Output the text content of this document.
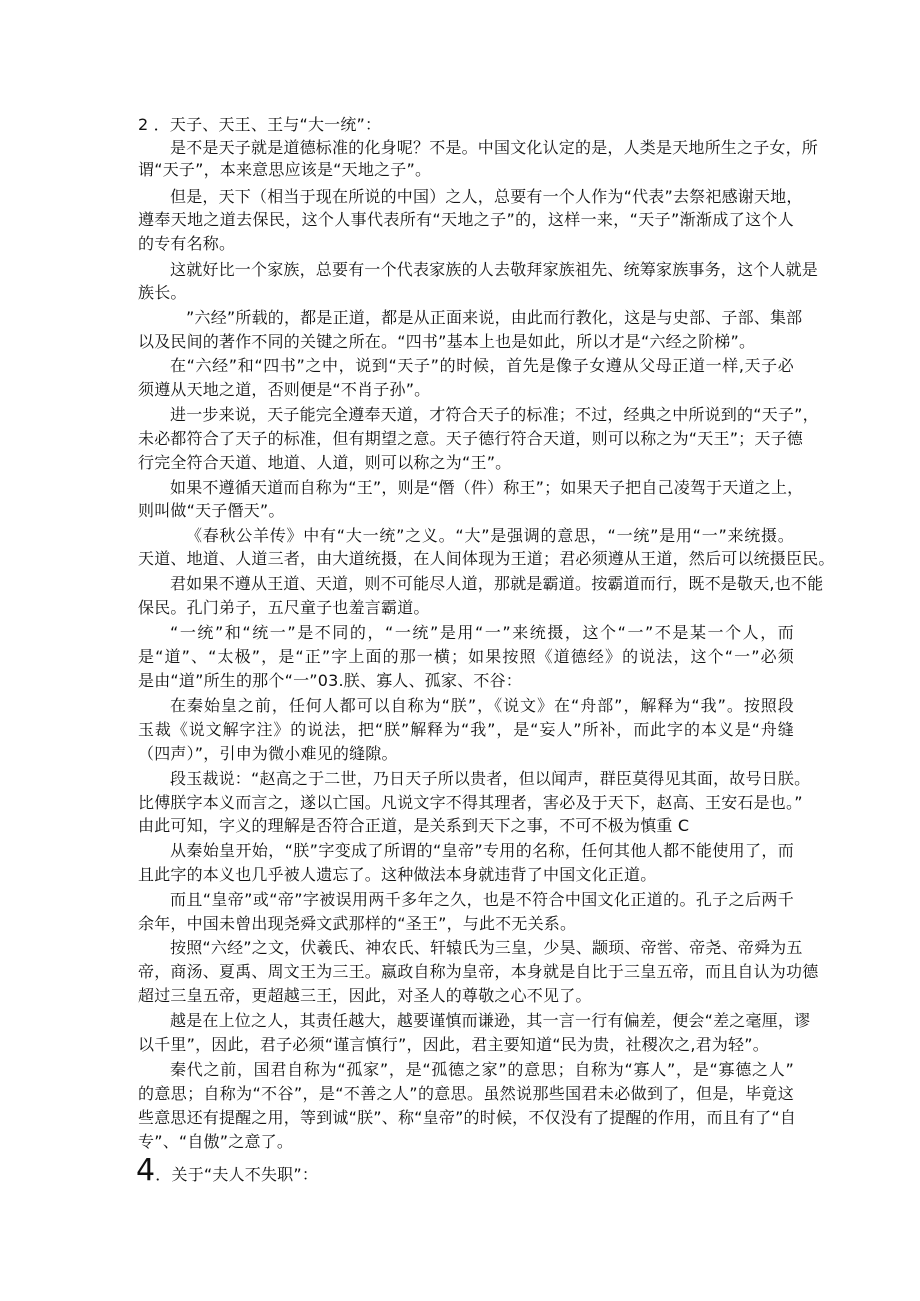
2 ．天子、天王、王与“大一统”：
是不是天子就是道德标准的化身呢？不是。中国文化认定的是，人类是天地所生之子女，所
谓“天子”，本来意思应该是“天地之子”。
但是，天下（相当于现在所说的中国）之人，总要有一个人作为“代表”去祭祀感谢天地，
遵奉天地之道去保民，这个人事代表所有“天地之子”的，这样一来，“天子”渐渐成了这个人
的专有名称。
这就好比一个家族，总要有一个代表家族的人去敬拜家族祖先、统筹家族事务，这个人就是
族长。
”六经”所载的，都是正道，都是从正面来说，由此而行教化，这是与史部、子部、集部
以及民间的著作不同的关键之所在。“四书”基本上也是如此，所以才是“六经之阶梯”。
在“六经”和“四书”之中，说到“天子”的时候，首先是像子女遵从父母正道一样,天子必
须遵从天地之道，否则便是“不肖子孙”。
进一步来说，天子能完全遵奉天道，才符合天子的标准；不过，经典之中所说到的“天子”，
未必都符合了天子的标准，但有期望之意。天子德行符合天道，则可以称之为“天王”；天子德
行完全符合天道、地道、人道，则可以称之为“王”。
如果不遵循天道而自称为“王”，则是“僭（件）称王”；如果天子把自己凌驾于天道之上，
则叫做“天子僭天”。
《春秋公羊传》中有“大一统”之义。“大”是强调的意思，“一统”是用“一”来统摄。
天道、地道、人道三者，由大道统摄，在人间体现为王道；君必须遵从王道，然后可以统摄臣民。
君如果不遵从王道、天道，则不可能尽人道，那就是霸道。按霸道而行，既不是敬天,也不能
保民。孔门弟子，五尺童子也羞言霸道。
“一统”和“统一”是不同的，“一统”是用“一”来统摄，这个“一”不是某一个人，而
是“道”、“太极”，是“正”字上面的那一横；如果按照《道德经》的说法，这个“一”必须
是由“道”所生的那个“一”03.朕、寡人、孤家、不谷：
在秦始皇之前，任何人都可以自称为“朕”，《说文》在“舟部”，解释为“我”。按照段
玉裁《说文解字注》的说法，把“朕”解释为“我”，是“妄人”所补，而此字的本义是“舟缝
（四声）”，引申为微小难见的缝隙。
段玉裁说：“赵高之于二世，乃日天子所以贵者，但以闻声，群臣莫得见其面，故号日朕。
比傅朕字本义而言之，遂以亡国。凡说文字不得其理者，害必及于天下，赵高、王安石是也。”
由此可知，字义的理解是否符合正道，是关系到天下之事，不可不极为慎重 C
从秦始皇开始，“朕”字变成了所谓的“皇帝”专用的名称，任何其他人都不能使用了，而
且此字的本义也几乎被人遗忘了。这种做法本身就违背了中国文化正道。
而且“皇帝”或“帝”字被误用两千多年之久，也是不符合中国文化正道的。孔子之后两千
余年，中国未曾出现尧舜文武那样的“圣王”，与此不无关系。
按照“六经”之文，伏羲氏、神农氏、轩辕氏为三皇，少昊、颛顼、帝喾、帝尧、帝舜为五
帝，商汤、夏禹、周文王为三王。嬴政自称为皇帝，本身就是自比于三皇五帝，而且自认为功德
超过三皇五帝，更超越三王，因此，对圣人的尊敬之心不见了。
越是在上位之人，其责任越大，越要谨慎而谦逊，其一言一行有偏差，便会“差之毫厘，谬
以千里”，因此，君子必须“谨言慎行”，因此，君主要知道“民为贵，社稷次之,君为轻”。
秦代之前，国君自称为“孤家”，是“孤德之家”的意思；自称为“寡人”，是“寡德之人”
的意思；自称为“不谷”，是“不善之人”的意思。虽然说那些国君未必做到了，但是，毕竟这
些意思还有提醒之用，等到诚“朕”、称“皇帝”的时候，不仅没有了提醒的作用，而且有了“自
专”、“自傲”之意了。
4．关于“夫人不失职”：
